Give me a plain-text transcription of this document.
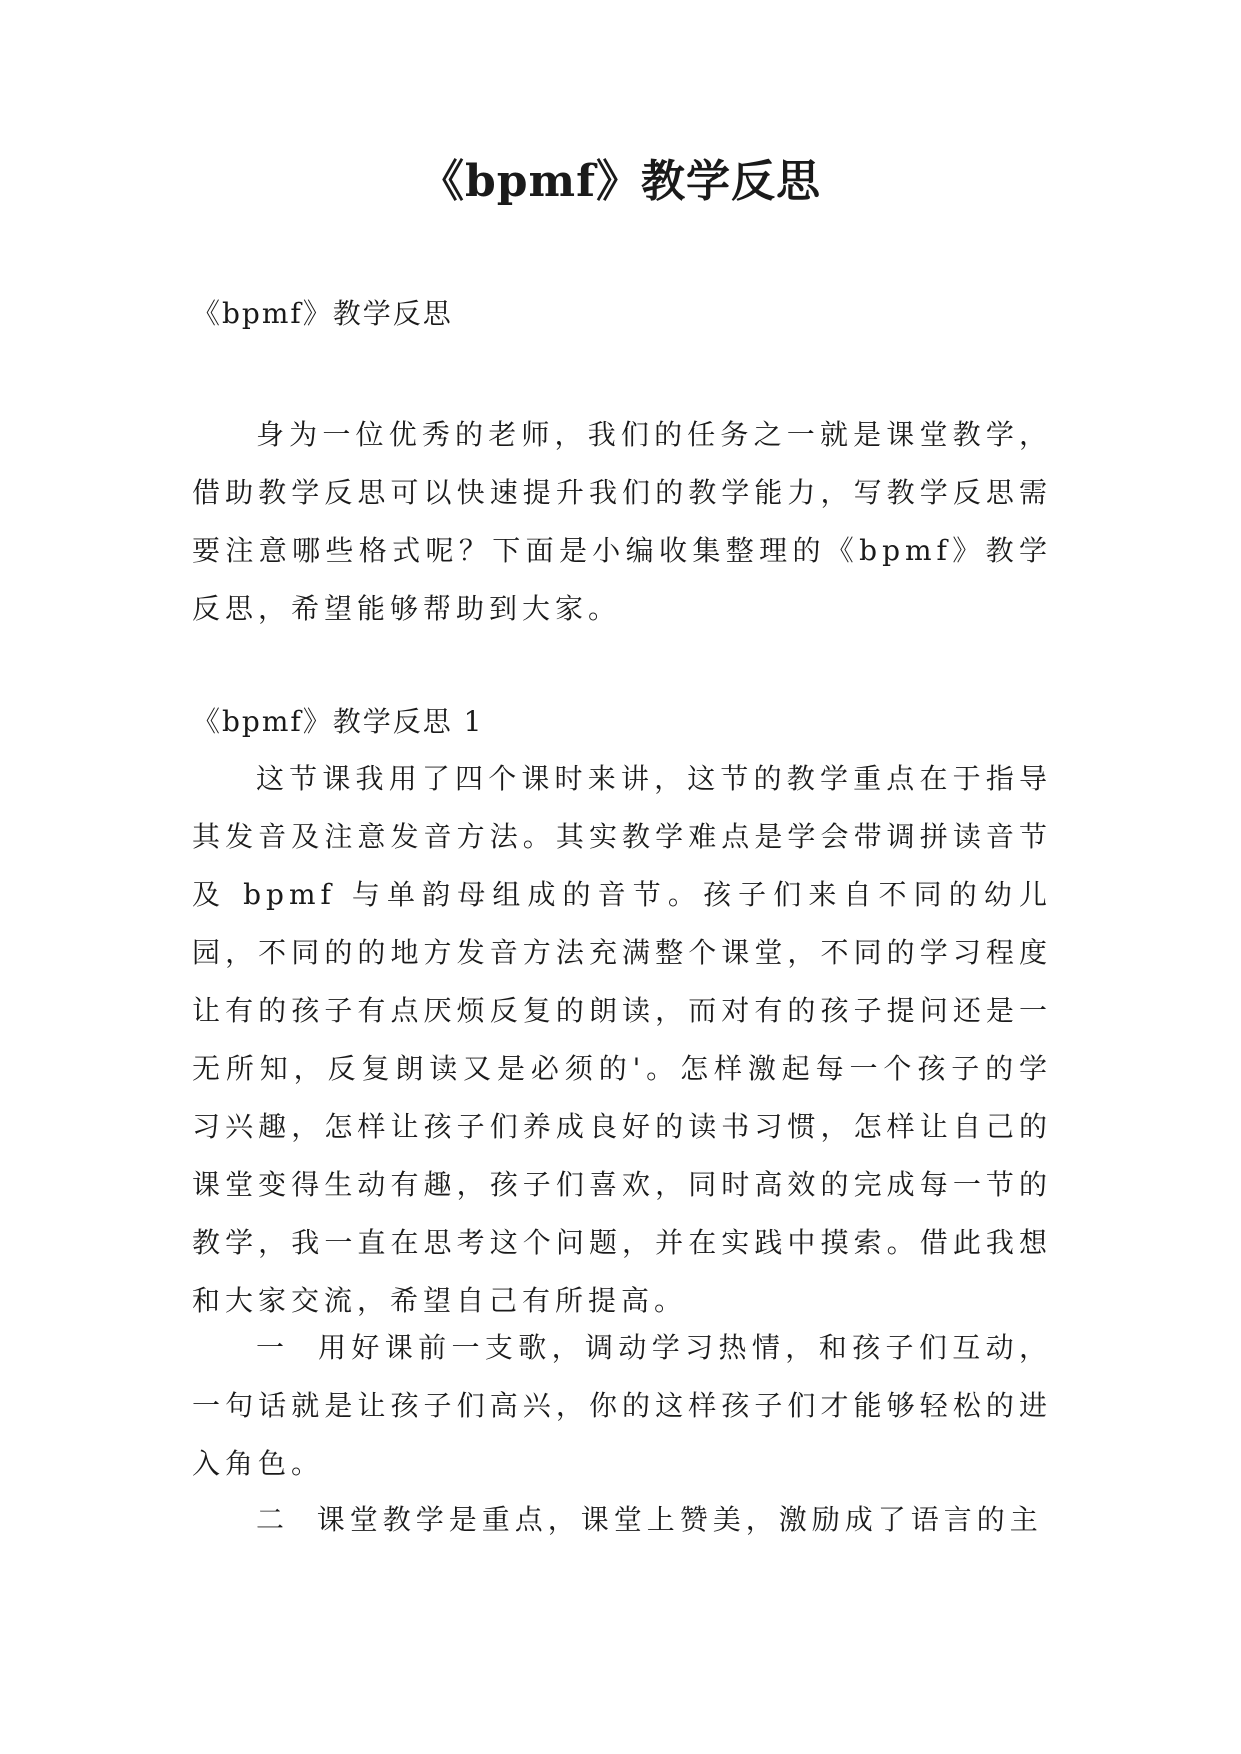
《bpmf》教学反思
《bpmf》教学反思

身为一位优秀的老师，我们的任务之一就是课堂教学，借助教学反思可以快速提升我们的教学能力，写教学反思需要注意哪些格式呢？下面是小编收集整理的《bpmf》教学反思，希望能够帮助到大家。

《bpmf》教学反思 1

这节课我用了四个课时来讲，这节的教学重点在于指导其发音及注意发音方法。其实教学难点是学会带调拼读音节及 bpmf 与单韵母组成的音节。孩子们来自不同的幼儿园，不同的的地方发音方法充满整个课堂，不同的学习程度让有的孩子有点厌烦反复的朗读，而对有的孩子提问还是一无所知，反复朗读又是必须的'。怎样激起每一个孩子的学习兴趣，怎样让孩子们养成良好的读书习惯，怎样让自己的课堂变得生动有趣，孩子们喜欢，同时高效的完成每一节的教学，我一直在思考这个问题，并在实践中摸索。借此我想和大家交流，希望自己有所提高。

一  用好课前一支歌，调动学习热情，和孩子们互动，一句话就是让孩子们高兴，你的这样孩子们才能够轻松的进入角色。

二  课堂教学是重点，课堂上赞美，激励成了语言的主
